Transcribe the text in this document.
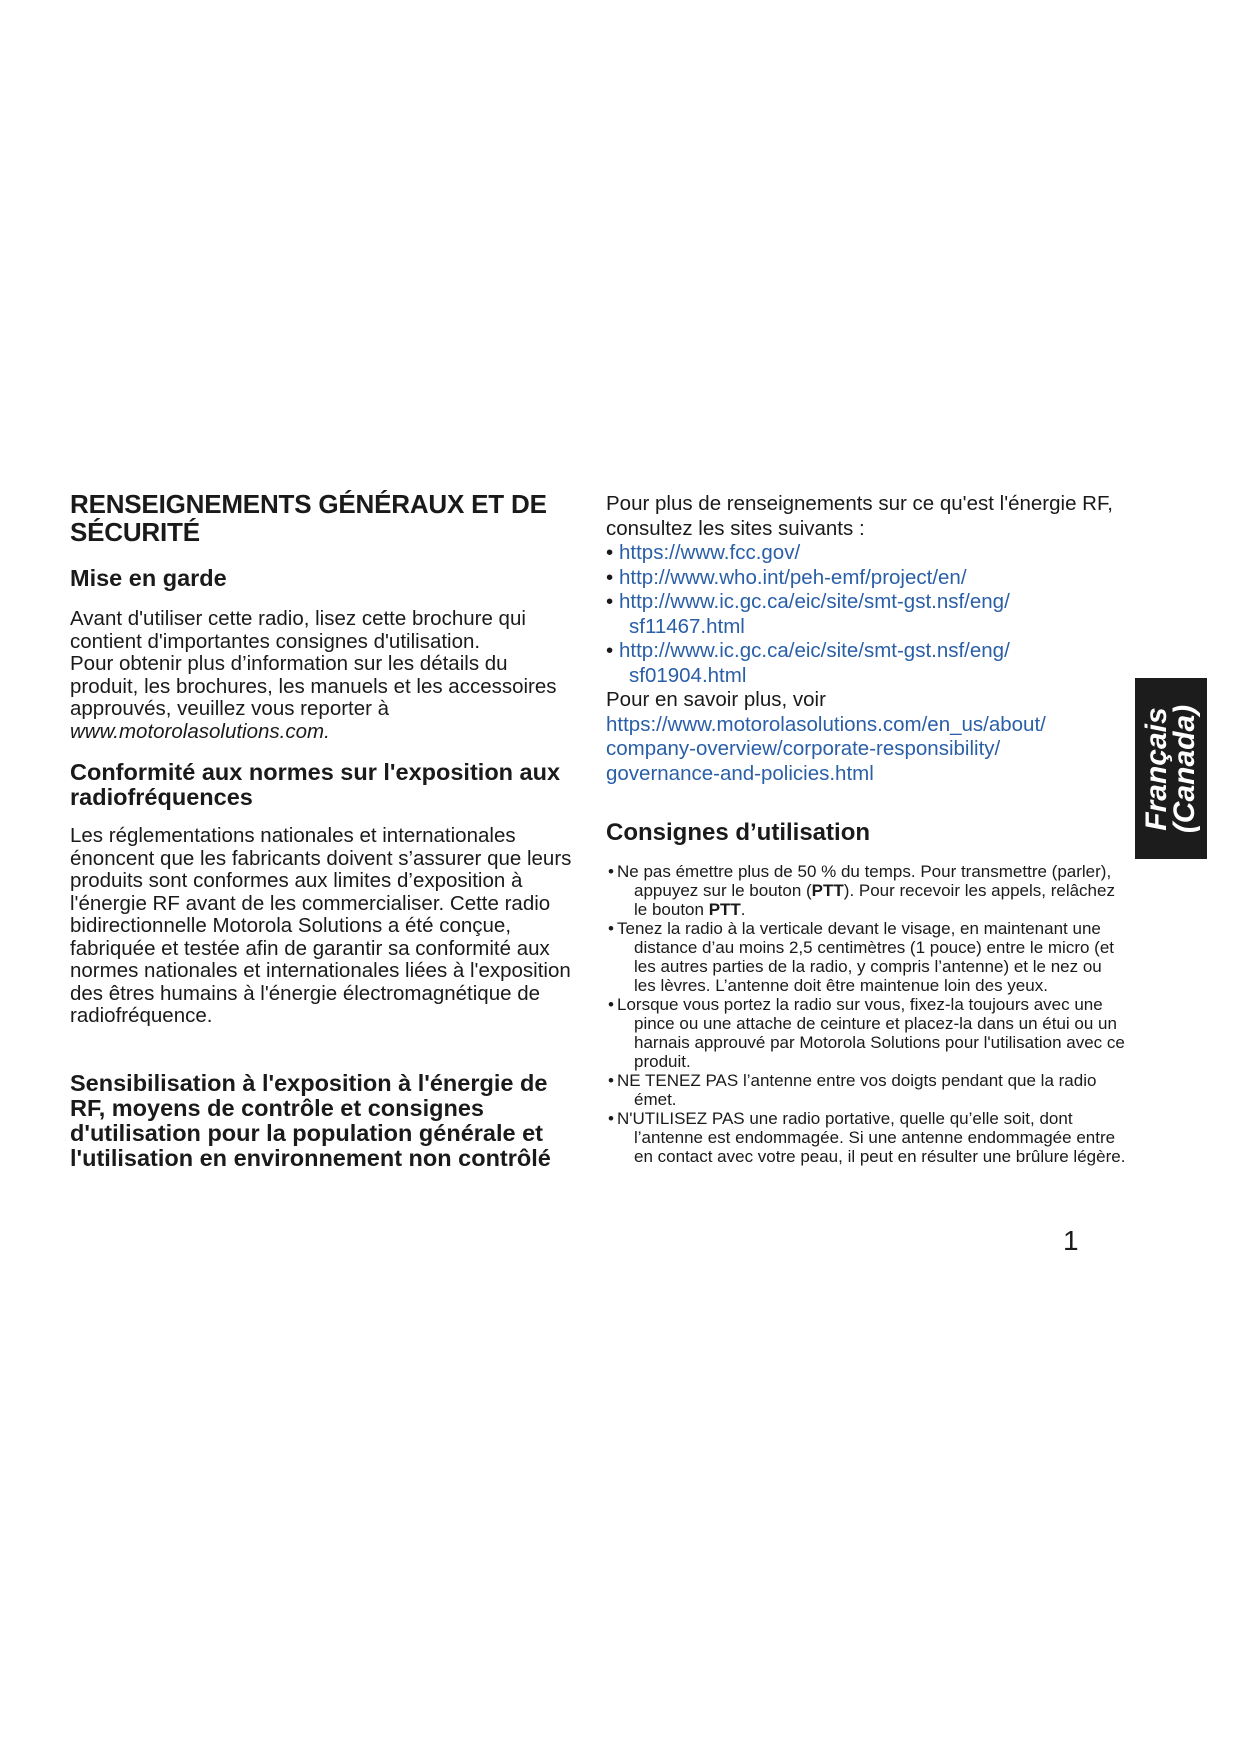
RENSEIGNEMENTS GÉNÉRAUX ET DE SÉCURITÉ
Mise en garde

Avant d'utiliser cette radio, lisez cette brochure qui contient d'importantes consignes d'utilisation.

Pour obtenir plus d’information sur les détails du produit, les brochures, les manuels et les accessoires approuvés, veuillez vous reporter à www.motorolasolutions.com.

Conformité aux normes sur l'exposition aux radiofréquences

Les réglementations nationales et internationales énoncent que les fabricants doivent s’assurer que leurs produits sont conformes aux limites d’exposition à l'énergie RF avant de les commercialiser. Cette radio bidirectionnelle Motorola Solutions a été conçue, fabriquée et testée afin de garantir sa conformité aux normes nationales et internationales liées à l'exposition des êtres humains à l'énergie électromagnétique de radiofréquence.

Sensibilisation à l'exposition à l'énergie de RF, moyens de contrôle et consignes d'utilisation pour la population générale et l'utilisation en environnement non contrôlé

Pour plus de renseignements sur ce qu'est l'énergie RF, consultez les sites suivants :

• https://www.fcc.gov/
• http://www.who.int/peh-emf/project/en/
• http://www.ic.gc.ca/eic/site/smt-gst.nsf/eng/
sf11467.html
• http://www.ic.gc.ca/eic/site/smt-gst.nsf/eng/
sf01904.html

Pour en savoir plus, voir

https://www.motorolasolutions.com/en_us/about/
company-overview/corporate-responsibility/
governance-and-policies.html

Consignes d’utilisation
• Ne pas émettre plus de 50 % du temps. Pour transmettre (parler), appuyez sur le bouton (PTT). Pour recevoir les appels, relâchez le bouton PTT.
• Tenez la radio à la verticale devant le visage, en maintenant une distance d’au moins 2,5 centimètres (1 pouce) entre le micro (et les autres parties de la radio, y compris l’antenne) et le nez ou les lèvres. L’antenne doit être maintenue loin des yeux.
• Lorsque vous portez la radio sur vous, fixez-la toujours avec une pince ou une attache de ceinture et placez-la dans un étui ou un harnais approuvé par Motorola Solutions pour l'utilisation avec ce produit.
• NE TENEZ PAS l’antenne entre vos doigts pendant que la radio émet.
• N'UTILISEZ PAS une radio portative, quelle qu’elle soit, dont l’antenne est endommagée. Si une antenne endommagée entre en contact avec votre peau, il peut en résulter une brûlure légère.
Français
(Canada)
1
